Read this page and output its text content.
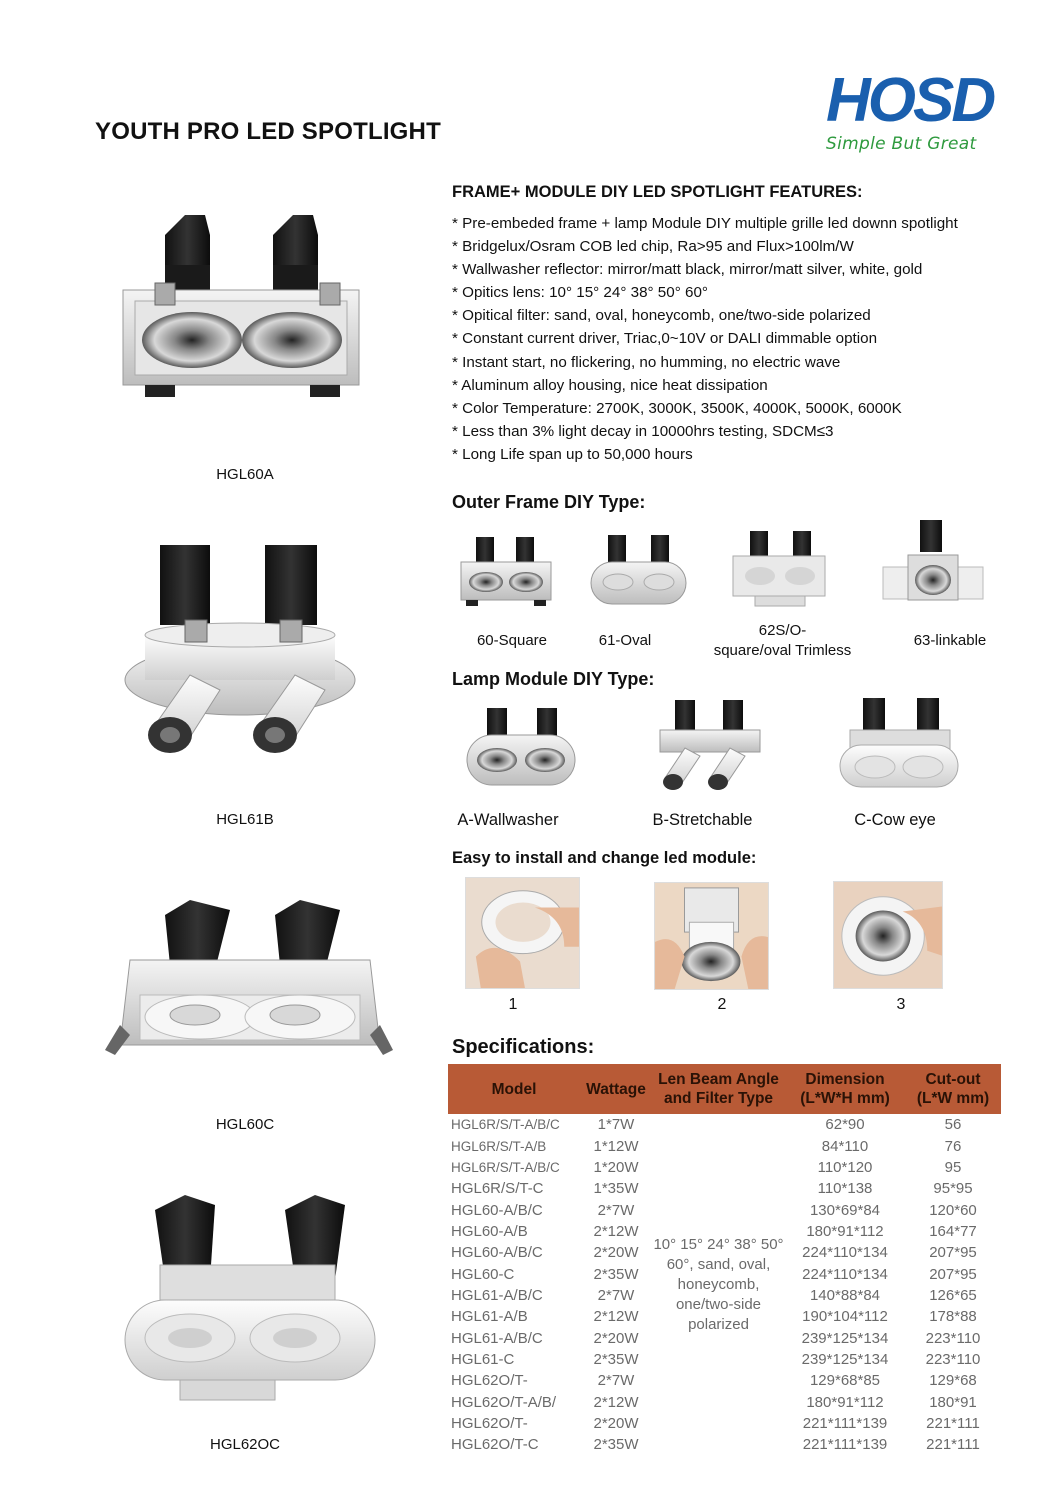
YOUTH PRO LED SPOTLIGHT	HOSD
Simple But Great
HGL60A
HGL61B
HGL60C
HGL62OC
FRAME+ MODULE DIY LED SPOTLIGHT FEATURES:
* Pre-embeded frame + lamp Module DIY multiple grille led downn spotlight
* Bridgelux/Osram COB led chip, Ra>95 and Flux>100lm/W
* Wallwasher reflector: mirror/matt black, mirror/matt silver, white, gold
* Opitics lens: 10° 15° 24° 38° 50° 60°
* Opitical filter: sand, oval, honeycomb, one/two-side polarized
* Constant current driver, Triac,0~10V or DALI dimmable option
* Instant start, no flickering, no humming, no electric wave
* Aluminum alloy housing, nice heat dissipation
* Color Temperature: 2700K, 3000K, 3500K, 4000K, 5000K, 6000K
* Less than 3% light decay in 10000hrs testing, SDCM≤3
* Long Life span up to 50,000 hours
Outer Frame DIY Type:
60-Square	61-Oval
62S/O-
square/oval Trimless
63-linkable
Lamp Module DIY Type:
A-Wallwasher	B-Stretchable	C-Cow eye
Easy to install and change led module:
1	2	3
Specifications:
Model	Wattage	Len Beam Angle
and Filter Type	Dimension
(L*W*H mm)	Cut-out
(L*W mm)
HGL6R/S/T-A/B/C	1*7W	10° 15° 24° 38° 50° 60°, sand, oval, honeycomb, one/two-side polarized	62*90	56
HGL6R/S/T-A/B	1*12W		84*110	76
HGL6R/S/T-A/B/C	1*20W		110*120	95
HGL6R/S/T-C	1*35W		110*138	95*95
HGL60-A/B/C	2*7W		130*69*84	120*60
HGL60-A/B	2*12W		180*91*112	164*77
HGL60-A/B/C	2*20W		224*110*134	207*95
HGL60-C	2*35W		224*110*134	207*95
HGL61-A/B/C	2*7W		140*88*84	126*65
HGL61-A/B	2*12W		190*104*112	178*88
HGL61-A/B/C	2*20W		239*125*134	223*110
HGL61-C	2*35W		239*125*134	223*110
HGL62O/T-	2*7W		129*68*85	129*68
HGL62O/T-A/B/	2*12W		180*91*112	180*91
HGL62O/T-	2*20W		221*111*139	221*111
HGL62O/T-C	2*35W		221*111*139	221*111
